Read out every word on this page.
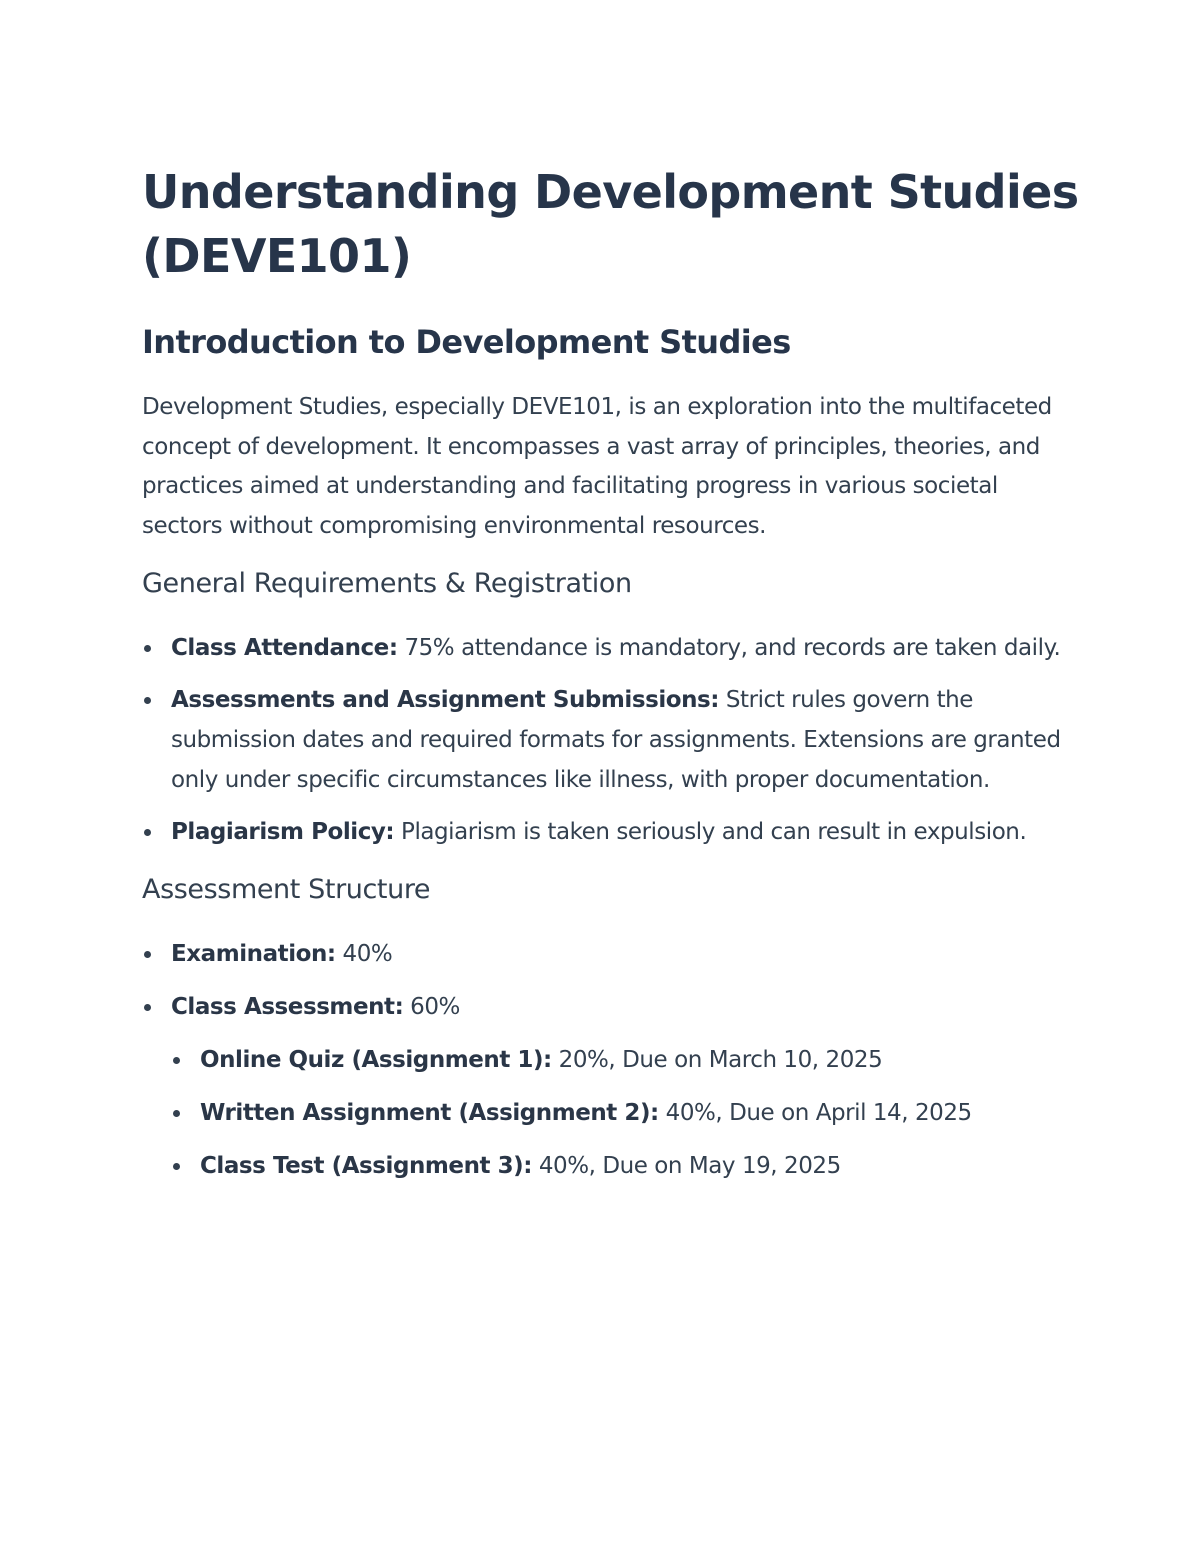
Understanding Development Studies (DEVE101)
Introduction to Development Studies

Development Studies, especially DEVE101, is an exploration into the multifaceted concept of development. It encompasses a vast array of principles, theories, and practices aimed at understanding and facilitating progress in various societal sectors without compromising environmental resources.

General Requirements & Registration
Class Attendance: 75% attendance is mandatory, and records are taken daily.
Assessments and Assignment Submissions: Strict rules govern the submission dates and required formats for assignments. Extensions are granted only under specific circumstances like illness, with proper documentation.
Plagiarism Policy: Plagiarism is taken seriously and can result in expulsion.
Assessment Structure
Examination: 40%
Class Assessment: 60%
Online Quiz (Assignment 1): 20%, Due on March 10, 2025
Written Assignment (Assignment 2): 40%, Due on April 14, 2025
Class Test (Assignment 3): 40%, Due on May 19, 2025
